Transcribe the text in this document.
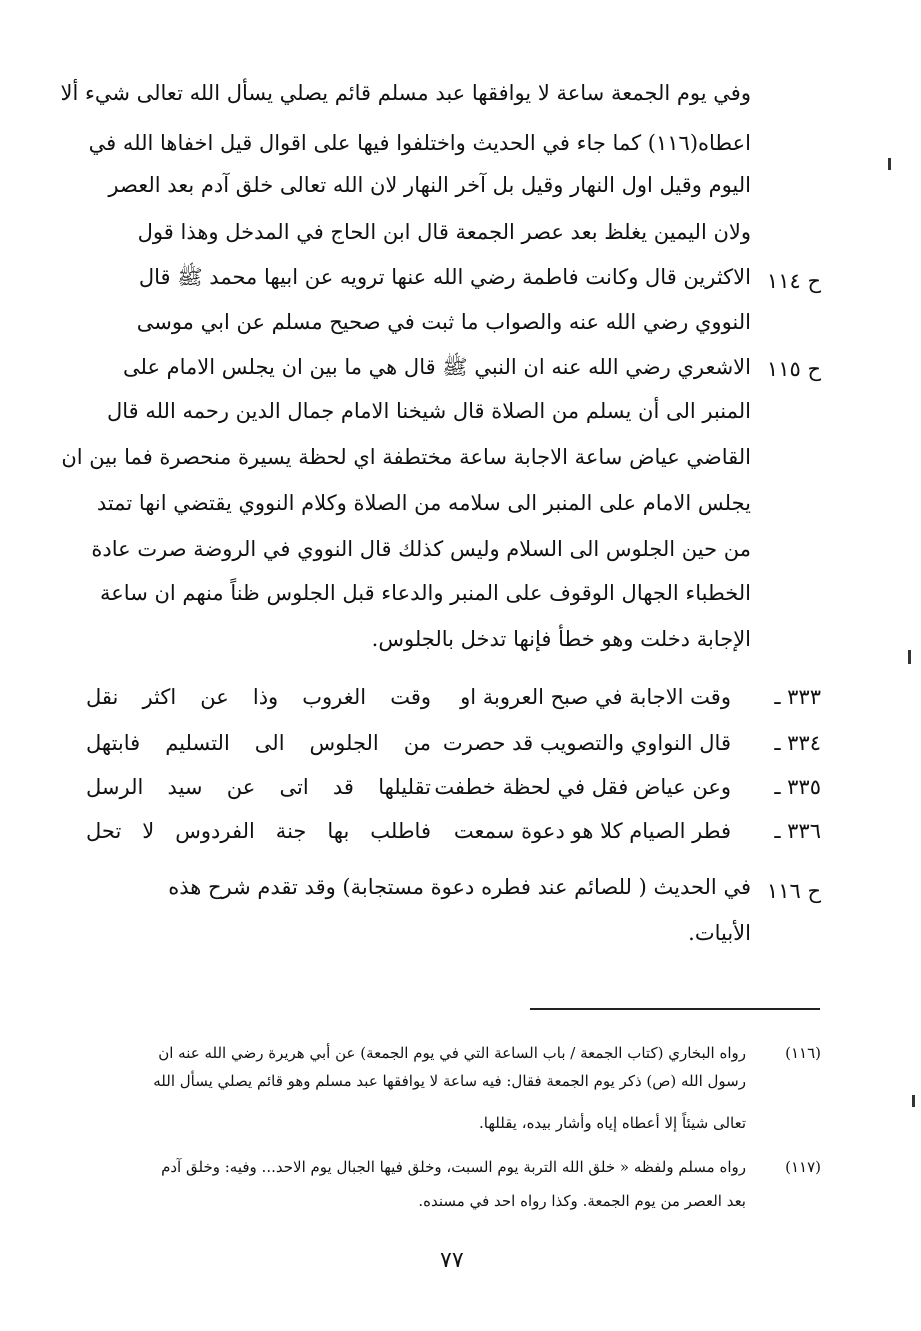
وفي يوم الجمعة ساعة لا يوافقها عبد مسلم قائم يصلي يسأل الله تعالى شيء ألا
اعطاه(١١٦) كما جاء في الحديث واختلفوا فيها على اقوال قيل اخفاها الله في
اليوم وقيل اول النهار وقيل بل آخر النهار لان الله تعالى خلق آدم بعد العصر
ولان اليمين يغلظ بعد عصر الجمعة قال ابن الحاج في المدخل وهذا قول
الاكثرين قال وكانت فاطمة رضي الله عنها ترويه عن ابيها محمد ﷺ قال ح ١١٤
النووي رضي الله عنه والصواب ما ثبت في صحيح مسلم عن ابي موسى
الاشعري رضي الله عنه ان النبي ﷺ قال هي ما بين ان يجلس الامام على ح ١١٥
المنبر الى أن يسلم من الصلاة قال شيخنا الامام جمال الدين رحمه الله قال
القاضي عياض ساعة الاجابة ساعة مختطفة اي لحظة يسيرة منحصرة فما بين ان
يجلس الامام على المنبر الى سلامه من الصلاة وكلام النووي يقتضي انها تمتد
من حين الجلوس الى السلام وليس كذلك قال النووي في الروضة صرت عادة
الخطباء الجهال الوقوف على المنبر والدعاء قبل الجلوس ظناً منهم ان ساعة
الإجابة دخلت وهو خطأ فإنها تدخل بالجلوس.
٣٣٣ ـ
وقت الاجابة في صبح العروبة او
وقت الغروب وذا عن اكثر نقل
٣٣٤ ـ
قال النواوي والتصويب قد حصرت
من الجلوس الى التسليم فابتهل
٣٣٥ ـ
وعن عياض فقل في لحظة خطفت
تقليلها قد اتى عن سيد الرسل
٣٣٦ ـ
فطر الصيام كلا هو دعوة سمعت
فاطلب بها جنة الفردوس لا تحل
ح ١١٦
في الحديث ( للصائم عند فطره دعوة مستجابة) وقد تقدم شرح هذه
الأبيات.
(١١٦)
رواه البخاري (كتاب الجمعة / باب الساعة التي في يوم الجمعة) عن أبي هريرة رضي الله عنه ان
رسول الله (ص) ذكر يوم الجمعة فقال: فيه ساعة لا يوافقها عبد مسلم وهو قائم يصلي يسأل الله
تعالى شيئاً إلا أعطاه إياه وأشار بيده، يقللها.
(١١٧)
رواه مسلم ولفظه « خلق الله التربة يوم السبت، وخلق فيها الجبال يوم الاحد... وفيه: وخلق آدم
بعد العصر من يوم الجمعة. وكذا رواه احد في مسنده.
٧٧
